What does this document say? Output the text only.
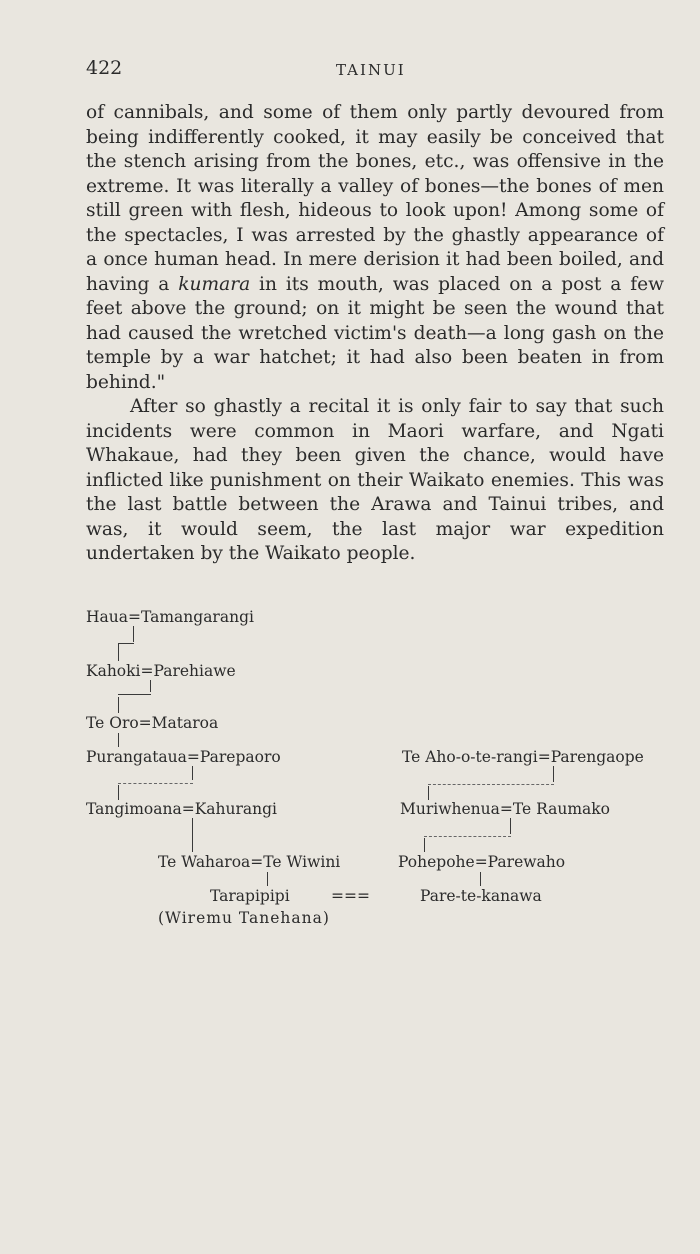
422	TAINUI

of cannibals, and some of them only partly devoured from being indifferently cooked, it may easily be conceived that the stench arising from the bones, etc., was offensive in the extreme. It was literally a valley of bones—the bones of men still green with flesh, hideous to look upon! Among some of the spectacles, I was arrested by the ghastly appearance of a once human head. In mere derision it had been boiled, and having a kumara in its mouth, was placed on a post a few feet above the ground; on it might be seen the wound that had caused the wretched victim's death—a long gash on the temple by a war hatchet; it had also been beaten in from behind."

After so ghastly a recital it is only fair to say that such incidents were common in Maori warfare, and Ngati Whakaue, had they been given the chance, would have inflicted like punishment on their Waikato enemies. This was the last battle between the Arawa and Tainui tribes, and was, it would seem, the last major war expedition undertaken by the Waikato people.

Haua=Tamangarangi
Kahoki=Parehiawe
Te Oro=Mataroa
Purangataua=Parepaoro
Tangimoana=Kahurangi
Te Waharoa=Te Wiwini
Tarapipipi
(Wiremu Tanehana)
===
Te Aho-o-te-rangi=Parengaope
Muriwhenua=Te Raumako
Pohepohe=Parewaho
Pare-te-kanawa
